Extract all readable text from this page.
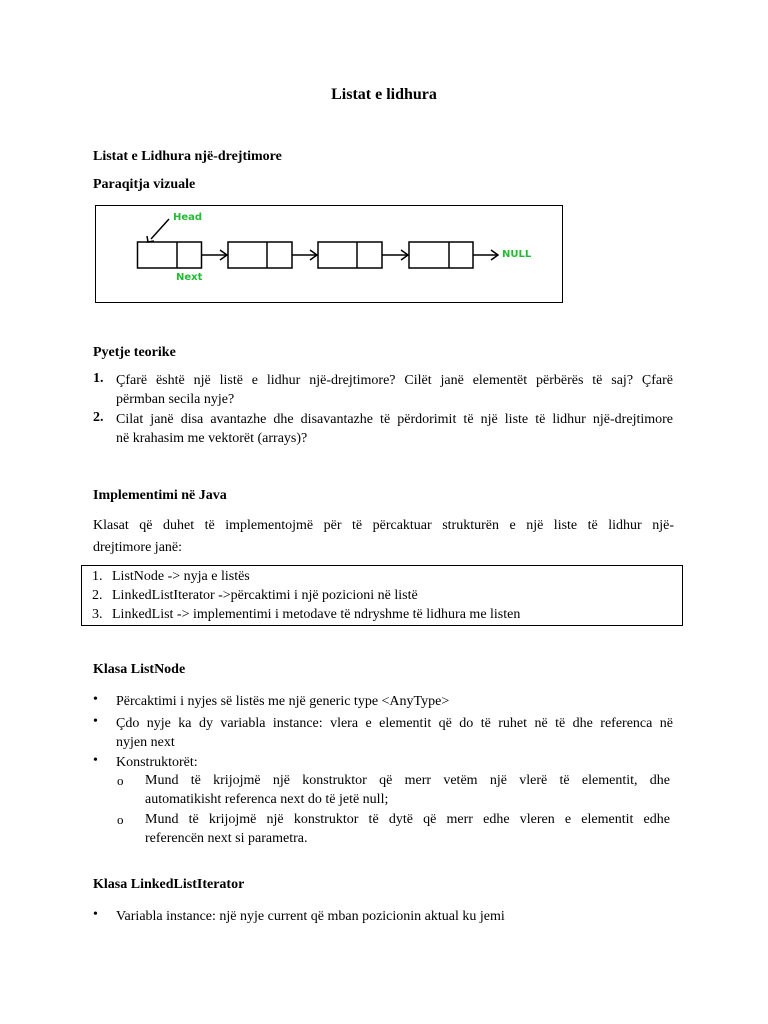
Listat e lidhura
Listat e Lidhura një-drejtimore
Paraqitja vizuale
Head
Next
NULL
Pyetje teorike
1. Çfarë është një listë e lidhur një-drejtimore? Cilët janë elementët përbërës të saj? Çfarë
përmban secila nyje?
2. Cilat janë disa avantazhe dhe disavantazhe të përdorimit të një liste të lidhur një-drejtimore
në krahasim me vektorët (arrays)?
Implementimi në Java
Klasat që duhet të implementojmë për të përcaktuar strukturën e një liste të lidhur një-
drejtimore janë:
1. ListNode -> nyja e listës
2. LinkedListIterator ->përcaktimi i një pozicioni në listë
3. LinkedList -> implementimi i metodave të ndryshme të lidhura me listen
Klasa ListNode
• Përcaktimi i nyjes së listës me një generic type <AnyType>
• Çdo nyje ka dy variabla instance: vlera e elementit që do të ruhet në të dhe referenca në
nyjen next
• Konstruktorët:
o Mund të krijojmë një konstruktor që merr vetëm një vlerë të elementit, dhe
automatikisht referenca next do të jetë null;
o Mund të krijojmë një konstruktor të dytë që merr edhe vleren e elementit edhe
referencën next si parametra.
Klasa LinkedListIterator
• Variabla instance: një nyje current që mban pozicionin aktual ku jemi
